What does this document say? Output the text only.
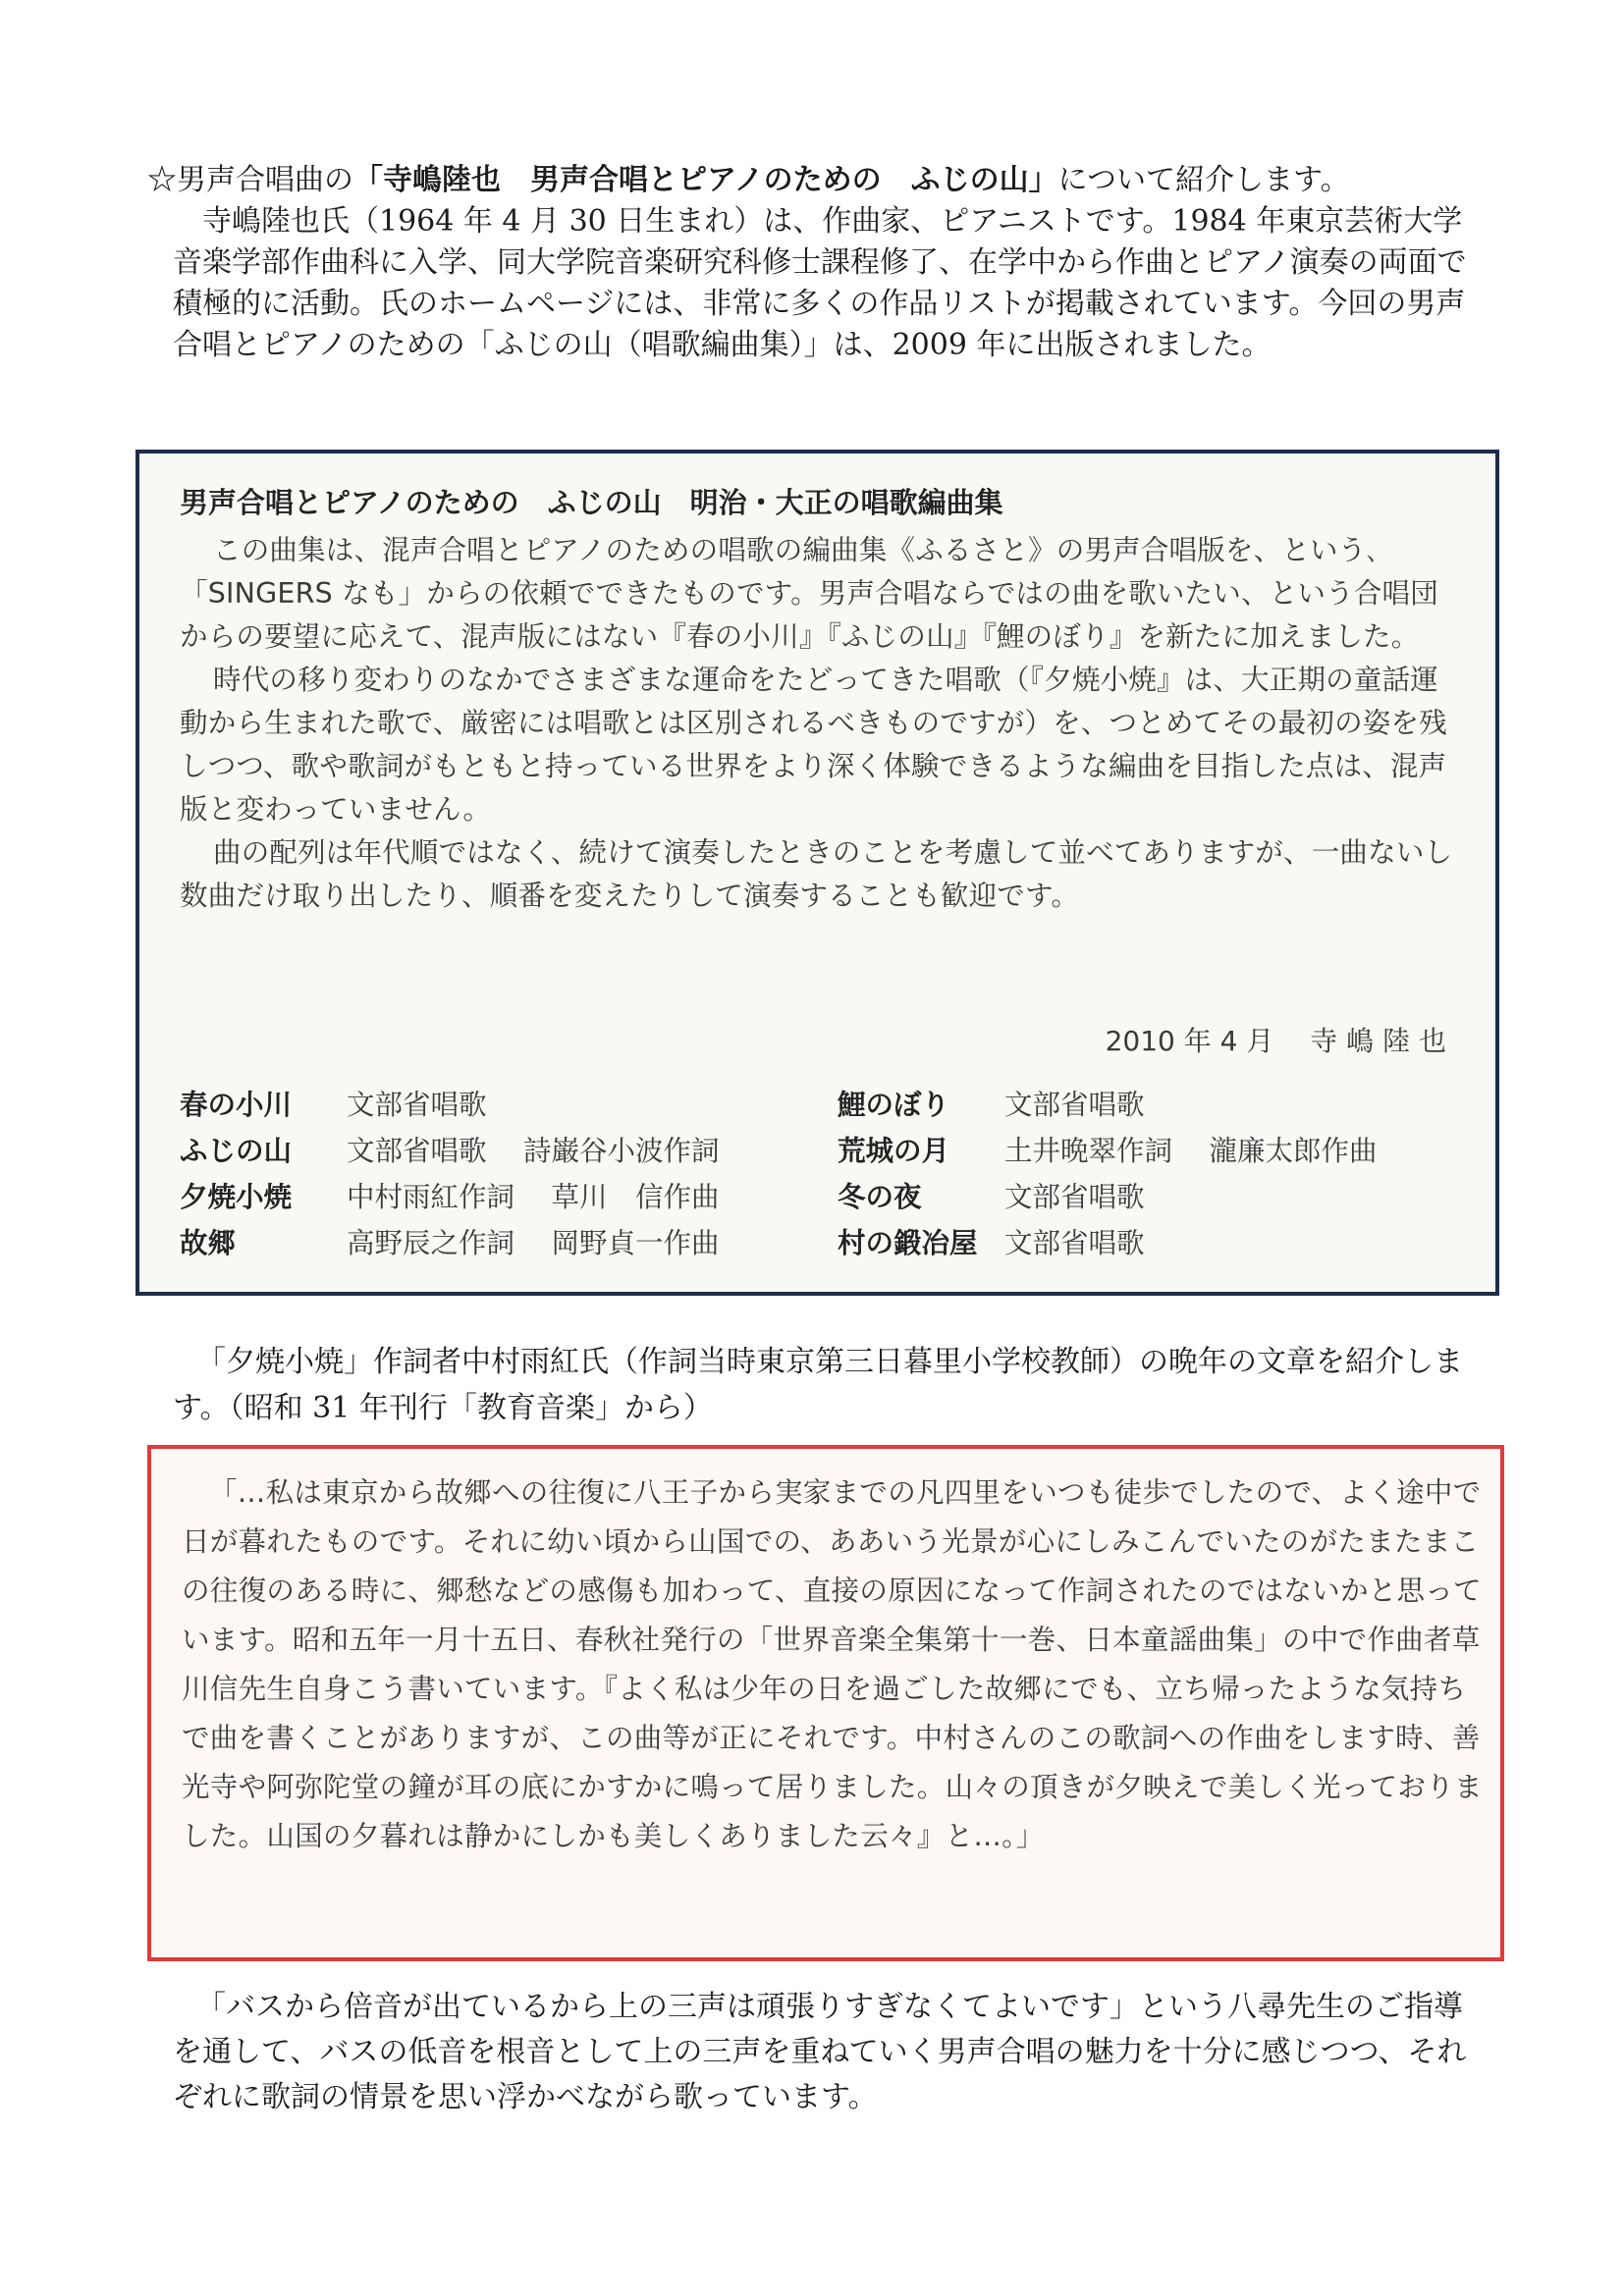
☆男声合唱曲の「寺嶋陸也　男声合唱とピアノのための　ふじの山」について紹介します。
寺嶋陸也氏（1964 年 4 月 30 日生まれ）は、作曲家、ピアニストです。1984 年東京芸術大学音楽学部作曲科に入学、同大学院音楽研究科修士課程修了、在学中から作曲とピアノ演奏の両面で積極的に活動。氏のホームページには、非常に多くの作品リストが掲載されています。今回の男声合唱とピアノのための「ふじの山（唱歌編曲集）」は、2009 年に出版されました。
男声合唱とピアノのための　ふじの山　明治・大正の唱歌編曲集

この曲集は、混声合唱とピアノのための唱歌の編曲集《ふるさと》の男声合唱版を、という､「SINGERS なも」からの依頼でできたものです。男声合唱ならではの曲を歌いたい、という合唱団からの要望に応えて、混声版にはない『春の小川』『ふじの山』『鯉のぼり』を新たに加えました。

時代の移り変わりのなかでさまざまな運命をたどってきた唱歌（『夕焼小焼』は、大正期の童話運動から生まれた歌で、厳密には唱歌とは区別されるべきものですが）を、つとめてその最初の姿を残しつつ、歌や歌詞がもともと持っている世界をより深く体験できるような編曲を目指した点は、混声版と変わっていません。

曲の配列は年代順ではなく、続けて演奏したときのことを考慮して並べてありますが、一曲ないし数曲だけ取り出したり、順番を変えたりして演奏することも歓迎です。

2010 年 4 月　 寺 嶋 陸 也
春の小川 文部省唱歌
ふじの山 文部省唱歌　 詩巌谷小波作詞
夕焼小焼 中村雨紅作詞　 草川　信作曲
故郷	高野辰之作詞　 岡野貞一作曲
鯉のぼり 文部省唱歌
荒城の月 土井晩翠作詞　 瀧廉太郎作曲
冬の夜	文部省唱歌
村の鍛冶屋 文部省唱歌
「夕焼小焼」作詞者中村雨紅氏（作詞当時東京第三日暮里小学校教師）の晩年の文章を紹介します。（昭和 31 年刊行「教育音楽」から）

「…私は東京から故郷への往復に八王子から実家までの凡四里をいつも徒歩でしたので、よく途中で日が暮れたものです。それに幼い頃から山国での、ああいう光景が心にしみこんでいたのがたまたまこの往復のある時に、郷愁などの感傷も加わって、直接の原因になって作詞されたのではないかと思っています。昭和五年一月十五日、春秋社発行の「世界音楽全集第十一巻、日本童謡曲集」の中で作曲者草川信先生自身こう書いています。『よく私は少年の日を過ごした故郷にでも、立ち帰ったような気持ちで曲を書くことがありますが、この曲等が正にそれです。中村さんのこの歌詞への作曲をします時、善光寺や阿弥陀堂の鐘が耳の底にかすかに鳴って居りました。山々の頂きが夕映えで美しく光っておりました。山国の夕暮れは静かにしかも美しくありました云々』と…。」

「バスから倍音が出ているから上の三声は頑張りすぎなくてよいです」という八尋先生のご指導を通して、バスの低音を根音として上の三声を重ねていく男声合唱の魅力を十分に感じつつ、それぞれに歌詞の情景を思い浮かべながら歌っています。
